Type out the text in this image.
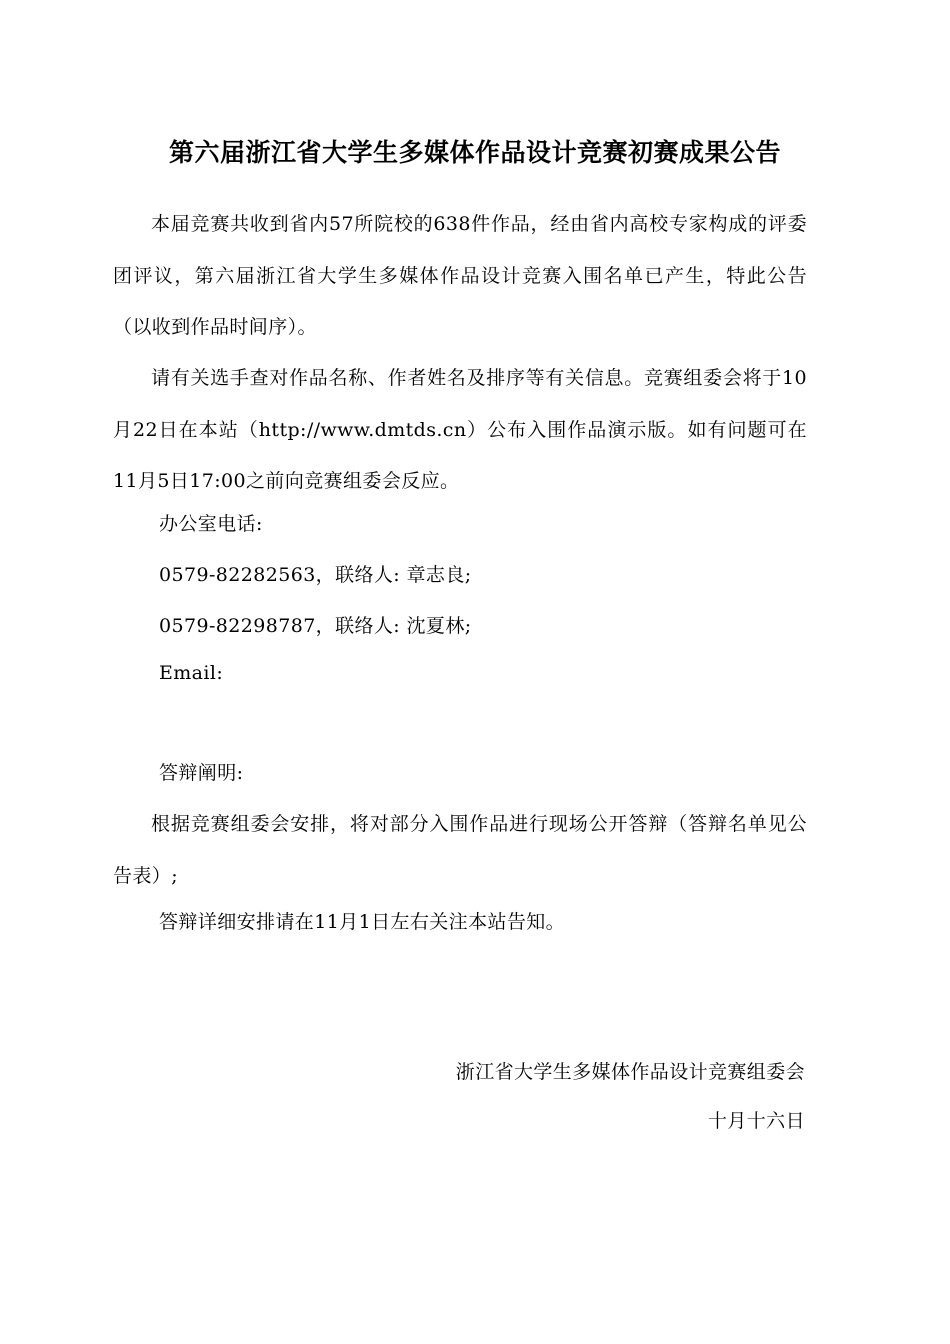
第六届浙江省大学生多媒体作品设计竞赛初赛成果公告
本届竞赛共收到省内57所院校的638件作品，经由省内高校专家构成的评委团评议，第六届浙江省大学生多媒体作品设计竞赛入围名单已产生，特此公告（以收到作品时间序）。
请有关选手查对作品名称、作者姓名及排序等有关信息。竞赛组委会将于10月22日在本站（http://www.dmtds.cn）公布入围作品演示版。如有问题可在11月5日17:00之前向竞赛组委会反应。
办公室电话:
0579-82282563，联络人: 章志良;
0579-82298787，联络人: 沈夏林;
Email:
答辩阐明:
根据竞赛组委会安排，将对部分入围作品进行现场公开答辩（答辩名单见公告表）;
答辩详细安排请在11月1日左右关注本站告知。
浙江省大学生多媒体作品设计竞赛组委会
十月十六日
